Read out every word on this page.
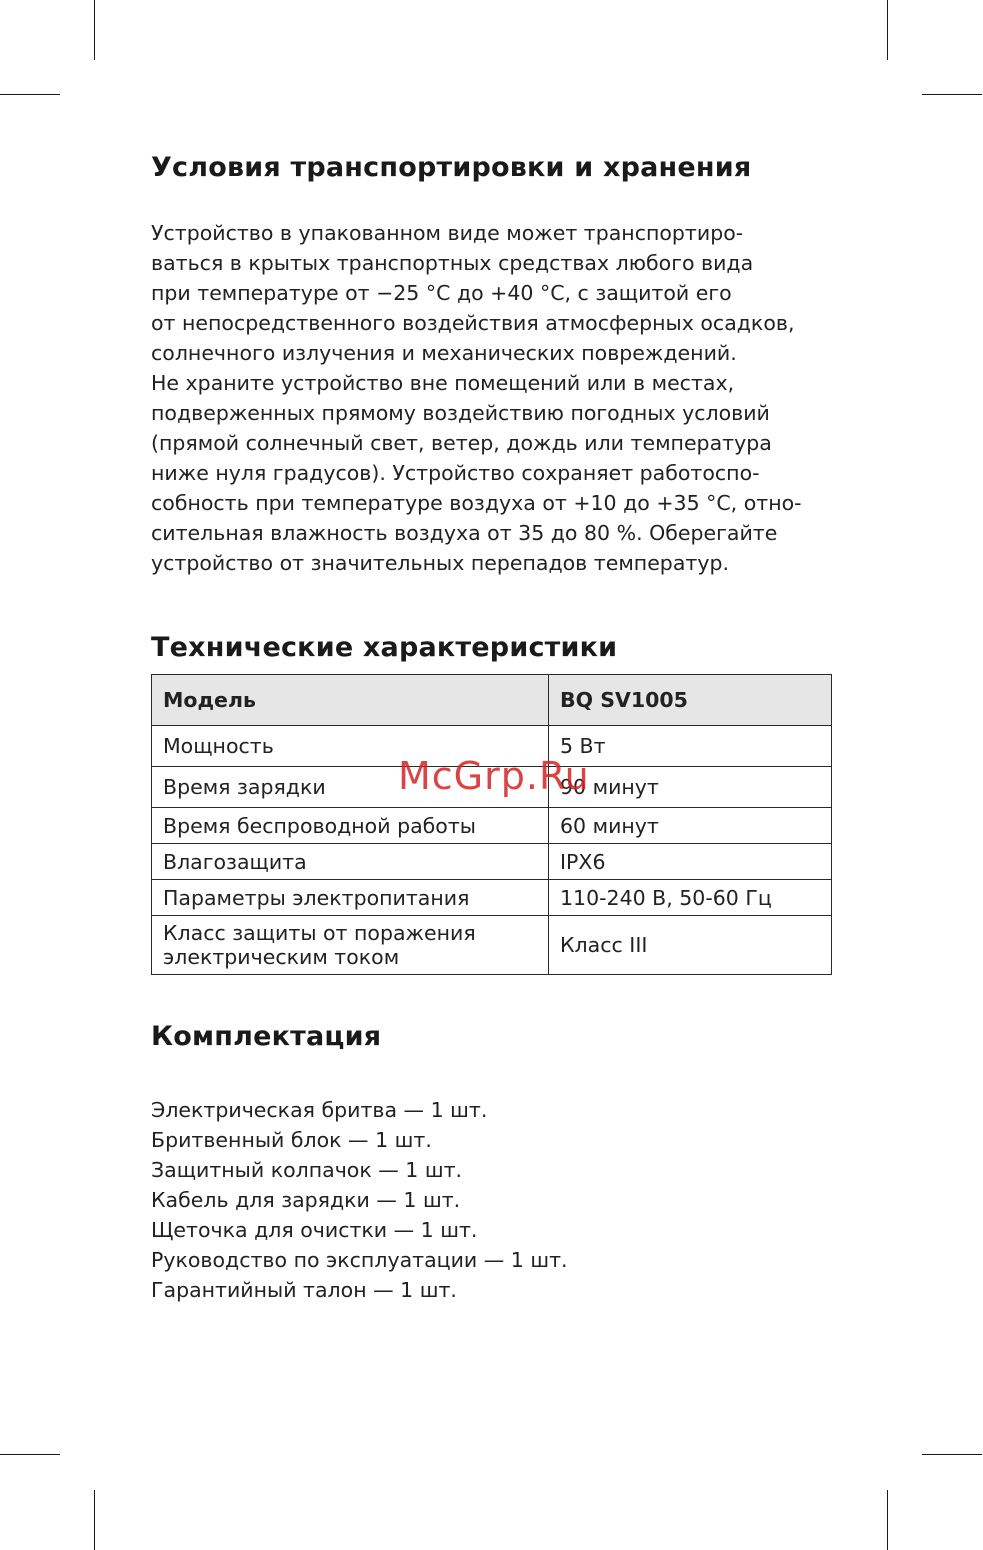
Условия транспортировки и хранения

Устройство в упакованном виде может транспортиро-
ваться в крытых транспортных средствах любого вида
при температуре от −25 °C до +40 °C, с защитой его
от непосредственного воздействия атмосферных осадков,
солнечного излучения и механических повреждений.
Не храните устройство вне помещений или в местах,
подверженных прямому воздействию погодных условий
(прямой солнечный свет, ветер, дождь или температура
ниже нуля градусов). Устройство сохраняет работоспо-
собность при температуре воздуха от +10 до +35 °C, отно-
сительная влажность воздуха от 35 до 80 %. Оберегайте
устройство от значительных перепадов температур.

Технические характеристики
Модель	BQ SV1005
Мощность	5 Вт
Время зарядки	90 минут
Время беспроводной работы	60 минут
Влагозащита	IPX6
Параметры электропитания	110-240 В, 50-60 Гц
Класс защиты от поражения
электрическим током	Класс III
Комплектация
Электрическая бритва — 1 шт.
Бритвенный блок — 1 шт.
Защитный колпачок — 1 шт.
Кабель для зарядки — 1 шт.
Щеточка для очистки — 1 шт.
Руководство по эксплуатации — 1 шт.
Гарантийный талон — 1 шт.
McGrp.Ru
